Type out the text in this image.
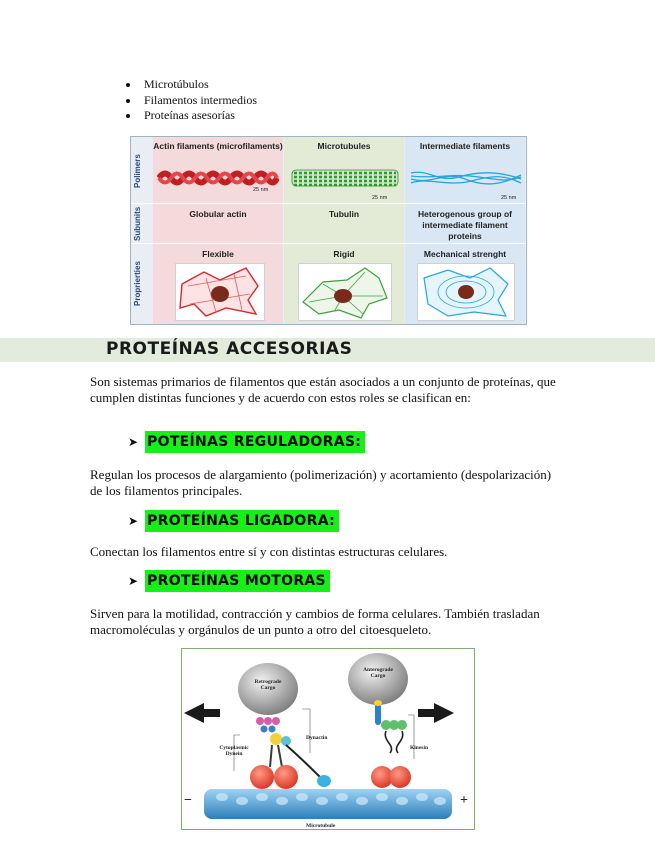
Microtúbulos
Filamentos intermedios
Proteínas asesorías
Actin filaments (microfilaments)
25 nm
Globular actin
Flexible
Microtubules
25 nm
Tubulin
Rigid
Intermediate filaments
25 nm
Heterogenous group of intermediate filament proteins
Mechanical strenght
Polimers
Subunits
Proprierties
PROTEÍNAS ACCESORIAS
Son sistemas primarios de filamentos que están asociados a un conjunto de proteínas, que cumplen distintas funciones y de acuerdo con estos roles se clasifican en:
➤ POTEÍNAS REGULADORAS:
Regulan los procesos de alargamiento (polimerización) y acortamiento (despolarización) de los filamentos principales.
➤ PROTEÍNAS LIGADORA:
Conectan los filamentos entre sí y con distintas estructuras celulares.
➤ PROTEÍNAS MOTORAS
Sirven para la motilidad, contracción y cambios de forma celulares. También trasladan macromoléculas y orgánulos de un punto a otro del citoesqueleto.
Retrograde Cargo
Anterograde Cargo
Dynactin
Cytoplasmic Dynein
Kinesin
Microtubule
−	+
